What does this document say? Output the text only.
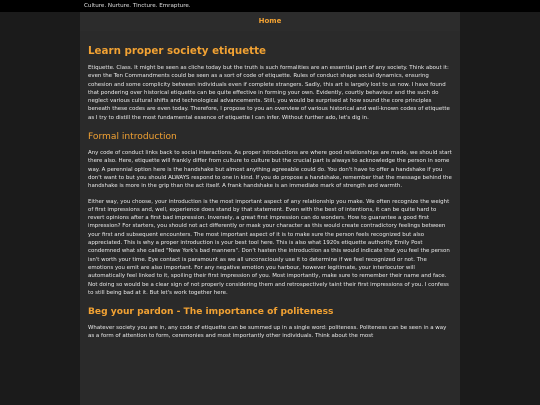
Culture. Nurture. Tincture. Emrapture.
Home
Learn proper society etiquette

Etiquette. Class. It might be seen as cliche today but the truth is such formalities are an essential part of any society. Think about it: even the Ten Commandments could be seen as a sort of code of etiquette. Rules of conduct shape social dynamics, ensuring cohesion and some complicity between individuals even if complete strangers. Sadly, this art is largely lost to us now. I have found that pondering over historical etiquette can be quite effective in forming your own. Evidently, courtly behaviour and the such do neglect various cultural shifts and technological advancements. Still, you would be surprised at how sound the core principles beneath these codes are even today. Therefore, I propose to you an overview of various historical and well-known codes of etiquette as I try to distill the most fundamental essence of etiquette I can infer. Without further ado, let's dig in.

Formal introduction

Any code of conduct links back to social interactions. As proper introductions are where good relationships are made, we should start there also. Here, etiquette will frankly differ from culture to culture but the crucial part is always to acknowledge the person in some way. A perennial option here is the handshake but almost anything agreeable could do. You don't have to offer a handshake if you don't want to but you should ALWAYS respond to one in kind. If you do propose a handshake, remember that the message behind the handshake is more in the grip than the act itself. A frank handshake is an immediate mark of strength and warmth.

Either way, you choose, your introduction is the most important aspect of any relationship you make. We often recognize the weight of first impressions and, well, experience does stand by that statement. Even with the best of intentions, it can be quite hard to revert opinions after a first bad impression. Inversely, a great first impression can do wonders. How to guarantee a good first impression? For starters, you should not act differently or mask your character as this would create contradictory feelings between your first and subsequent encounters. The most important aspect of it is to make sure the person feels recognized but also appreciated. This is why a proper introduction is your best tool here. This is also what 1920s etiquette authority Emily Post condemned what she called "New York's bad manners". Don't hasten the introduction as this would indicate that you feel the person isn't worth your time. Eye contact is paramount as we all unconsciously use it to determine if we feel recognized or not. The emotions you emit are also important. For any negative emotion you harbour, however legitimate, your interlocutor will automatically feel linked to it, spoiling their first impression of you. Most importantly, make sure to remember their name and face. Not doing so would be a clear sign of not properly considering them and retrospectively taint their first impressions of you. I confess to still being bad at it. But let's work together here.

Beg your pardon - The importance of politeness

Whatever society you are in, any code of etiquette can be summed up in a single word: politeness. Politeness can be seen in a way as a form of attention to form, ceremonies and most importantly other individuals. Think about the most
